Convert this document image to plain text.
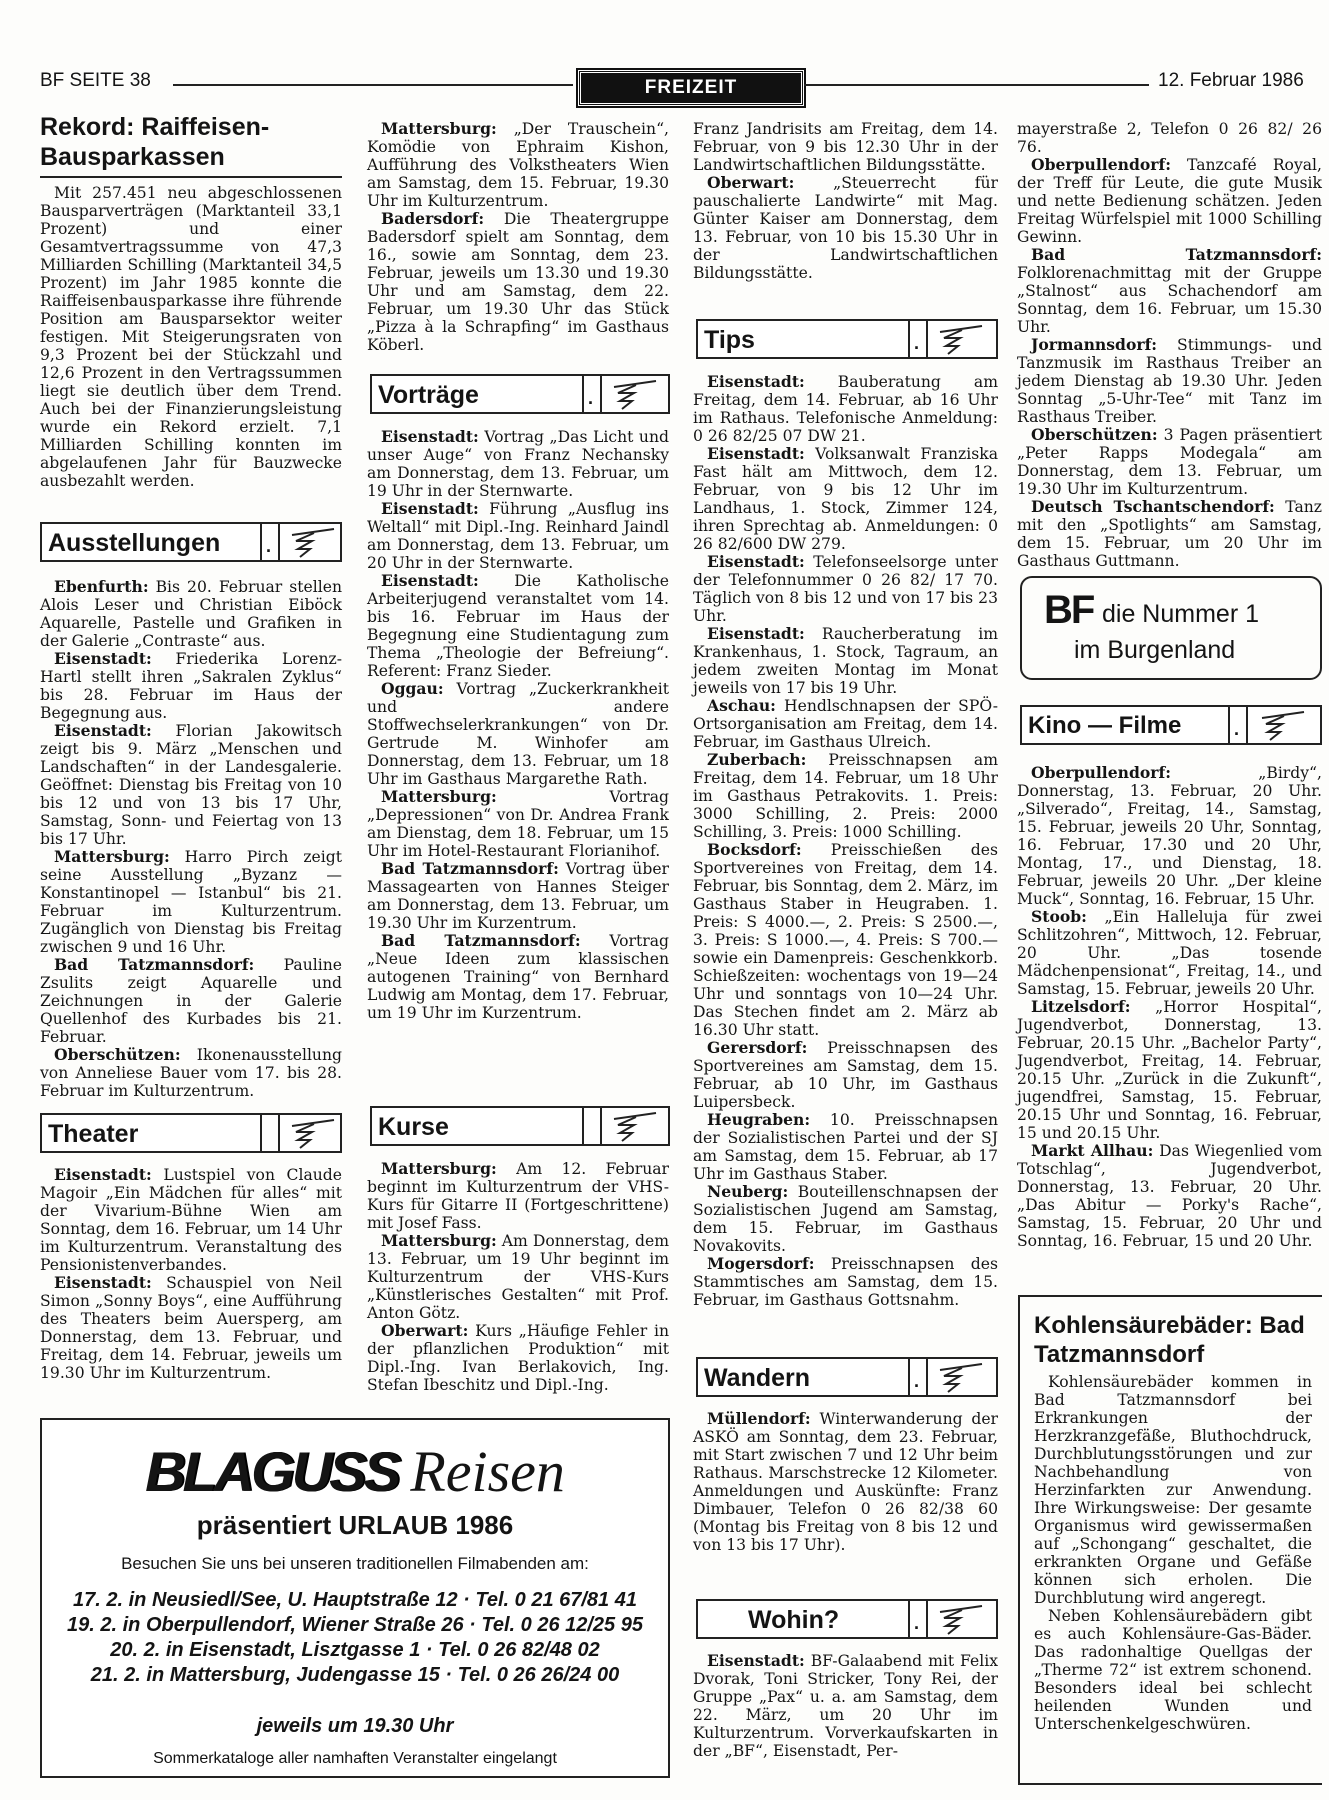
BF SEITE 38	FREIZEIT	12. Februar 1986
Rekord: Raiffeisen-Bausparkassen

Mit 257.451 neu abgeschlossenen Bausparverträgen (Marktanteil 33,1 Prozent) und einer Gesamtvertragssumme von 47,3 Milliarden Schilling (Marktanteil 34,5 Prozent) im Jahr 1985 konnte die Raiffeisenbausparkasse ihre führende Position am Bausparsektor weiter festigen. Mit Steigerungsraten von 9,3 Prozent bei der Stückzahl und 12,6 Prozent in den Vertragssummen liegt sie deutlich über dem Trend. Auch bei der Finanzierungsleistung wurde ein Rekord erzielt. 7,1 Milliarden Schilling konnten im abgelaufenen Jahr für Bauzwecke ausbezahlt werden.

Ausstellungen	.

Ebenfurth: Bis 20. Februar stellen Alois Leser und Christian Eiböck Aquarelle, Pastelle und Grafiken in der Galerie „Contraste“ aus.

Eisenstadt: Friederika Lorenz-Hartl stellt ihren „Sakralen Zyklus“ bis 28. Februar im Haus der Begegnung aus.

Eisenstadt: Florian Jakowitsch zeigt bis 9. März „Menschen und Landschaften“ in der Landesgalerie. Geöffnet: Dienstag bis Freitag von 10 bis 12 und von 13 bis 17 Uhr, Samstag, Sonn- und Feiertag von 13 bis 17 Uhr.

Mattersburg: Harro Pirch zeigt seine Ausstellung „Byzanz — Konstantinopel — Istanbul“ bis 21. Februar im Kulturzentrum. Zugänglich von Dienstag bis Freitag zwischen 9 und 16 Uhr.

Bad Tatzmannsdorf: Pauline Zsulits zeigt Aquarelle und Zeichnungen in der Galerie Quellenhof des Kurbades bis 21. Februar.

Oberschützen: Ikonenausstellung von Anneliese Bauer vom 17. bis 28. Februar im Kulturzentrum.

Theater

Eisenstadt: Lustspiel von Claude Magoir „Ein Mädchen für alles“ mit der Vivarium-Bühne Wien am Sonntag, dem 16. Februar, um 14 Uhr im Kulturzentrum. Veranstaltung des Pensionistenverbandes.

Eisenstadt: Schauspiel von Neil Simon „Sonny Boys“, eine Aufführung des Theaters beim Auersperg, am Donnerstag, dem 13. Februar, und Freitag, dem 14. Februar, jeweils um 19.30 Uhr im Kulturzentrum.

Mattersburg: „Der Trauschein“, Komödie von Ephraim Kishon, Aufführung des Volkstheaters Wien am Samstag, dem 15. Februar, 19.30 Uhr im Kulturzentrum.

Badersdorf: Die Theatergruppe Badersdorf spielt am Sonntag, dem 16., sowie am Sonntag, dem 23. Februar, jeweils um 13.30 und 19.30 Uhr und am Samstag, dem 22. Februar, um 19.30 Uhr das Stück „Pizza à la Schrapfing“ im Gasthaus Köberl.

Vorträge	.

Eisenstadt: Vortrag „Das Licht und unser Auge“ von Franz Nechansky am Donnerstag, dem 13. Februar, um 19 Uhr in der Sternwarte.

Eisenstadt: Führung „Ausflug ins Weltall“ mit Dipl.-Ing. Reinhard Jaindl am Donnerstag, dem 13. Februar, um 20 Uhr in der Sternwarte.

Eisenstadt: Die Katholische Arbeiterjugend veranstaltet vom 14. bis 16. Februar im Haus der Begegnung eine Studientagung zum Thema „Theologie der Befreiung“. Referent: Franz Sieder.

Oggau: Vortrag „Zuckerkrankheit und andere Stoffwechselerkrankungen“ von Dr. Gertrude M. Winhofer am Donnerstag, dem 13. Februar, um 18 Uhr im Gasthaus Margarethe Rath.

Mattersburg: Vortrag „Depressionen“ von Dr. Andrea Frank am Dienstag, dem 18. Februar, um 15 Uhr im Hotel-Restaurant Florianihof.

Bad Tatzmannsdorf: Vortrag über Massagearten von Hannes Steiger am Donnerstag, dem 13. Februar, um 19.30 Uhr im Kurzentrum.

Bad Tatzmannsdorf: Vortrag „Neue Ideen zum klassischen autogenen Training“ von Bernhard Ludwig am Montag, dem 17. Februar, um 19 Uhr im Kurzentrum.

Kurse

Mattersburg: Am 12. Februar beginnt im Kulturzentrum der VHS-Kurs für Gitarre II (Fortgeschrittene) mit Josef Fass.

Mattersburg: Am Donnerstag, dem 13. Februar, um 19 Uhr beginnt im Kulturzentrum der VHS-Kurs „Künstlerisches Gestalten“ mit Prof. Anton Götz.

Oberwart: Kurs „Häufige Fehler in der pflanzlichen Produktion“ mit Dipl.-Ing. Ivan Berlakovich, Ing. Stefan Ibeschitz und Dipl.-Ing.

Franz Jandrisits am Freitag, dem 14. Februar, von 9 bis 12.30 Uhr in der Landwirtschaftlichen Bildungsstätte.

Oberwart: „Steuerrecht für pauschalierte Landwirte“ mit Mag. Günter Kaiser am Donnerstag, dem 13. Februar, von 10 bis 15.30 Uhr in der Landwirtschaftlichen Bildungsstätte.

Tips	.

Eisenstadt: Bauberatung am Freitag, dem 14. Februar, ab 16 Uhr im Rathaus. Telefonische Anmeldung: 0 26 82/25 07 DW 21.

Eisenstadt: Volksanwalt Franziska Fast hält am Mittwoch, dem 12. Februar, von 9 bis 12 Uhr im Landhaus, 1. Stock, Zimmer 124, ihren Sprechtag ab. Anmeldungen: 0 26 82/600 DW 279.

Eisenstadt: Telefonseelsorge unter der Telefonnummer 0 26 82/ 17 70. Täglich von 8 bis 12 und von 17 bis 23 Uhr.

Eisenstadt: Raucherberatung im Krankenhaus, 1. Stock, Tagraum, an jedem zweiten Montag im Monat jeweils von 17 bis 19 Uhr.

Aschau: Hendlschnapsen der SPÖ-Ortsorganisation am Freitag, dem 14. Februar, im Gasthaus Ulreich.

Zuberbach: Preisschnapsen am Freitag, dem 14. Februar, um 18 Uhr im Gasthaus Petrakovits. 1. Preis: 3000 Schilling, 2. Preis: 2000 Schilling, 3. Preis: 1000 Schilling.

Bocksdorf: Preisschießen des Sportvereines von Freitag, dem 14. Februar, bis Sonntag, dem 2. März, im Gasthaus Staber in Heugraben. 1. Preis: S 4000.—, 2. Preis: S 2500.—, 3. Preis: S 1000.—, 4. Preis: S 700.— sowie ein Damenpreis: Geschenkkorb. Schießzeiten: wochentags von 19—24 Uhr und sonntags von 10—24 Uhr. Das Stechen findet am 2. März ab 16.30 Uhr statt.

Gerersdorf: Preisschnapsen des Sportvereines am Samstag, dem 15. Februar, ab 10 Uhr, im Gasthaus Luipersbeck.

Heugraben: 10. Preisschnapsen der Sozialistischen Partei und der SJ am Samstag, dem 15. Februar, ab 17 Uhr im Gasthaus Staber.

Neuberg: Bouteillenschnapsen der Sozialistischen Jugend am Samstag, dem 15. Februar, im Gasthaus Novakovits.

Mogersdorf: Preisschnapsen des Stammtisches am Samstag, dem 15. Februar, im Gasthaus Gottsnahm.

Wandern	.

Müllendorf: Winterwanderung der ASKÖ am Sonntag, dem 23. Februar, mit Start zwischen 7 und 12 Uhr beim Rathaus. Marschstrecke 12 Kilometer. Anmeldungen und Auskünfte: Franz Dimbauer, Telefon 0 26 82/38 60 (Montag bis Freitag von 8 bis 12 und von 13 bis 17 Uhr).

Wohin?	.

Eisenstadt: BF-Galaabend mit Felix Dvorak, Toni Stricker, Tony Rei, der Gruppe „Pax“ u. a. am Samstag, dem 22. März, um 20 Uhr im Kulturzentrum. Vorverkaufskarten in der „BF“, Eisenstadt, Per-

mayerstraße 2, Telefon 0 26 82/ 26 76.

Oberpullendorf: Tanzcafé Royal, der Treff für Leute, die gute Musik und nette Bedienung schätzen. Jeden Freitag Würfelspiel mit 1000 Schilling Gewinn.

Bad Tatzmannsdorf: Folklorenachmittag mit der Gruppe „Stalnost“ aus Schachendorf am Sonntag, dem 16. Februar, um 15.30 Uhr.

Jormannsdorf: Stimmungs- und Tanzmusik im Rasthaus Treiber an jedem Dienstag ab 19.30 Uhr. Jeden Sonntag „5-Uhr-Tee“ mit Tanz im Rasthaus Treiber.

Oberschützen: 3 Pagen präsentiert „Peter Rapps Modegala“ am Donnerstag, dem 13. Februar, um 19.30 Uhr im Kulturzentrum.

Deutsch Tschantschendorf: Tanz mit den „Spotlights“ am Samstag, dem 15. Februar, um 20 Uhr im Gasthaus Guttmann.

BF die Nummer 1
im Burgenland
Kino — Filme	.

Oberpullendorf: „Birdy“, Donnerstag, 13. Februar, 20 Uhr. „Silverado“, Freitag, 14., Samstag, 15. Februar, jeweils 20 Uhr, Sonntag, 16. Februar, 17.30 und 20 Uhr, Montag, 17., und Dienstag, 18. Februar, jeweils 20 Uhr. „Der kleine Muck“, Sonntag, 16. Februar, 15 Uhr.

Stoob: „Ein Halleluja für zwei Schlitzohren“, Mittwoch, 12. Februar, 20 Uhr. „Das tosende Mädchenpensionat“, Freitag, 14., und Samstag, 15. Februar, jeweils 20 Uhr.

Litzelsdorf: „Horror Hospital“, Jugendverbot, Donnerstag, 13. Februar, 20.15 Uhr. „Bachelor Party“, Jugendverbot, Freitag, 14. Februar, 20.15 Uhr. „Zurück in die Zukunft“, jugendfrei, Samstag, 15. Februar, 20.15 Uhr und Sonntag, 16. Februar, 15 und 20.15 Uhr.

Markt Allhau: Das Wiegenlied vom Totschlag“, Jugendverbot, Donnerstag, 13. Februar, 20 Uhr. „Das Abitur — Porky's Rache“, Samstag, 15. Februar, 20 Uhr und Sonntag, 16. Februar, 15 und 20 Uhr.

Kohlensäurebäder: Bad Tatzmannsdorf

Kohlensäurebäder kommen in Bad Tatzmannsdorf bei Erkrankungen der Herzkranzgefäße, Bluthochdruck, Durchblutungsstörungen und zur Nachbehandlung von Herzinfarkten zur Anwendung. Ihre Wirkungsweise: Der gesamte Organismus wird gewissermaßen auf „Schongang“ geschaltet, die erkrankten Organe und Gefäße können sich erholen. Die Durchblutung wird angeregt.

Neben Kohlensäurebädern gibt es auch Kohlensäure-Gas-Bäder. Das radonhaltige Quellgas der „Therme 72“ ist extrem schonend. Besonders ideal bei schlecht heilenden Wunden und Unterschenkelgeschwüren.

BLAGUSS Reisen
präsentiert URLAUB 1986
Besuchen Sie uns bei unseren traditionellen Filmabenden am:
17. 2. in Neusiedl/See, U. Hauptstraße 12 · Tel. 0 21 67/81 41
19. 2. in Oberpullendorf, Wiener Straße 26 · Tel. 0 26 12/25 95
20. 2. in Eisenstadt, Lisztgasse 1 · Tel. 0 26 82/48 02
21. 2. in Mattersburg, Judengasse 15 · Tel. 0 26 26/24 00
jeweils um 19.30 Uhr
Sommerkataloge aller namhaften Veranstalter eingelangt
